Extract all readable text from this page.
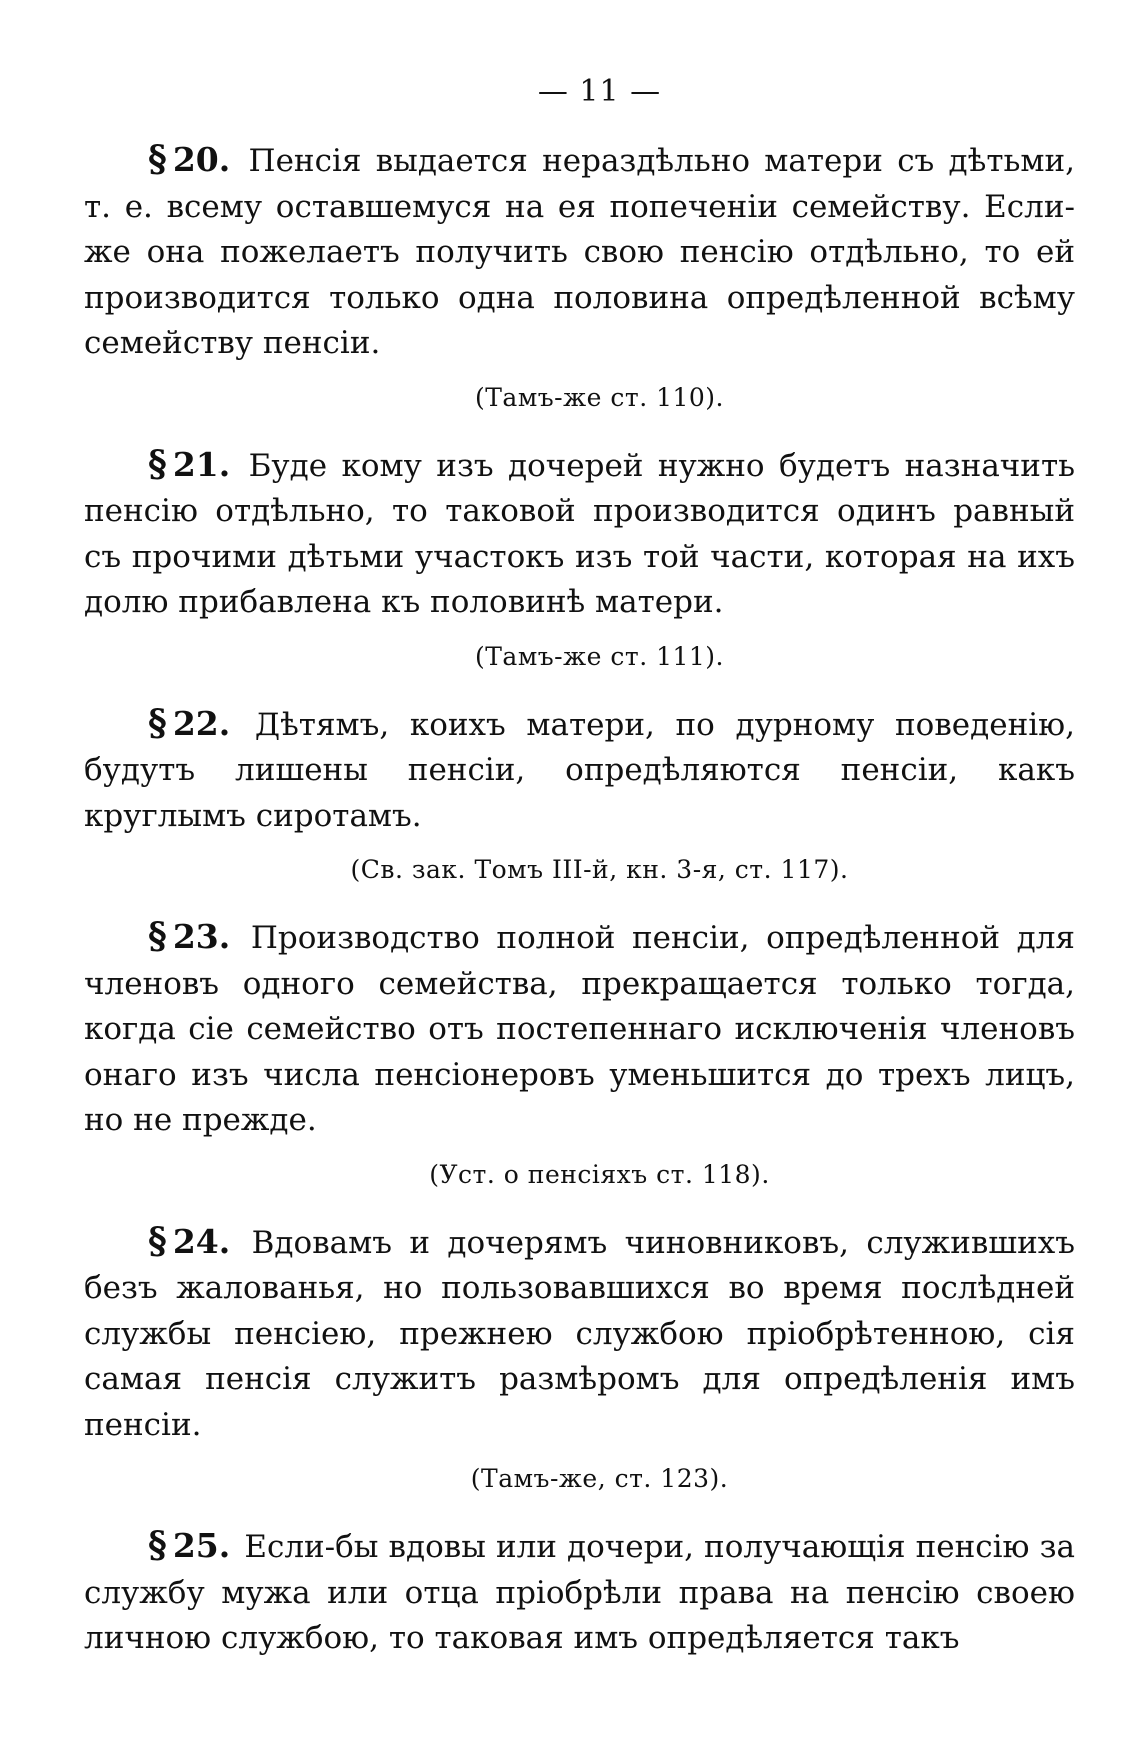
— 11 —

§ 20. Пенсія выдается нераздѣльно матери съ дѣтьми, т. е. всему оставшемуся на ея попеченіи семейству. Если-же она пожелаетъ получить свою пенсію отдѣльно, то ей производится только одна половина опредѣленной всѣму семейству пенсіи.

(Тамъ-же ст. 110).

§ 21. Буде кому изъ дочерей нужно будетъ назначить пенсію отдѣльно, то таковой производится одинъ равный съ прочими дѣтьми участокъ изъ той части, которая на ихъ долю прибавлена къ половинѣ матери.

(Тамъ-же ст. 111).

§ 22. Дѣтямъ, коихъ матери, по дурному поведенію, будутъ лишены пенсіи, опредѣляются пенсіи, какъ круглымъ сиротамъ.

(Св. зак. Томъ III-й, кн. 3-я, ст. 117).

§ 23. Производство полной пенсіи, опредѣленной для членовъ одного семейства, прекращается только тогда, когда сіе семейство отъ постепеннаго исключенія членовъ онаго изъ числа пенсіонеровъ уменьшится до трехъ лицъ, но не прежде.

(Уст. о пенсіяхъ ст. 118).

§ 24. Вдовамъ и дочерямъ чиновниковъ, служившихъ безъ жалованья, но пользовавшихся во время послѣдней службы пенсіею, прежнею службою пріобрѣтенною, сія самая пенсія служитъ размѣромъ для опредѣленія имъ пенсіи.

(Тамъ-же, ст. 123).

§ 25. Если-бы вдовы или дочери, получающія пенсію за службу мужа или отца пріобрѣли права на пенсію своею личною службою, то таковая имъ опредѣляется такъ
